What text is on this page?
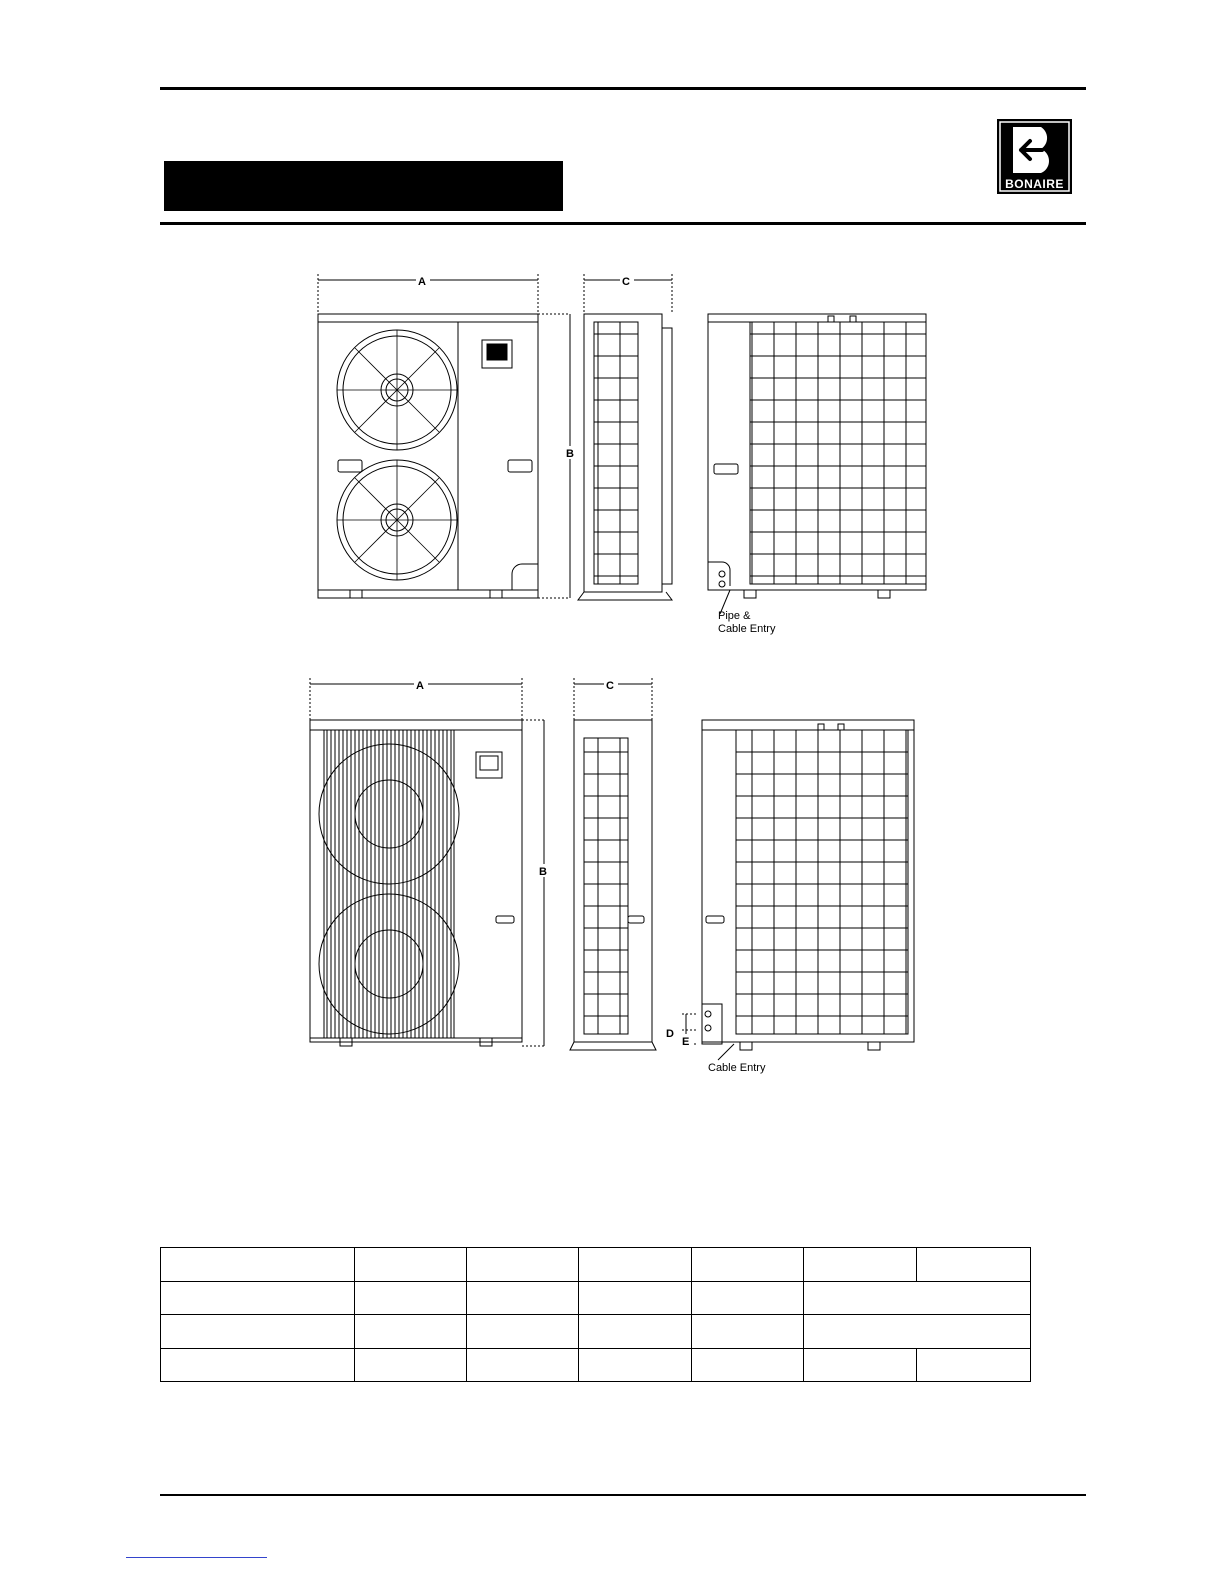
BONAIRE
A
B
C
Pipe &
Cable Entry
A
B
C
D
E
Cable Entry
